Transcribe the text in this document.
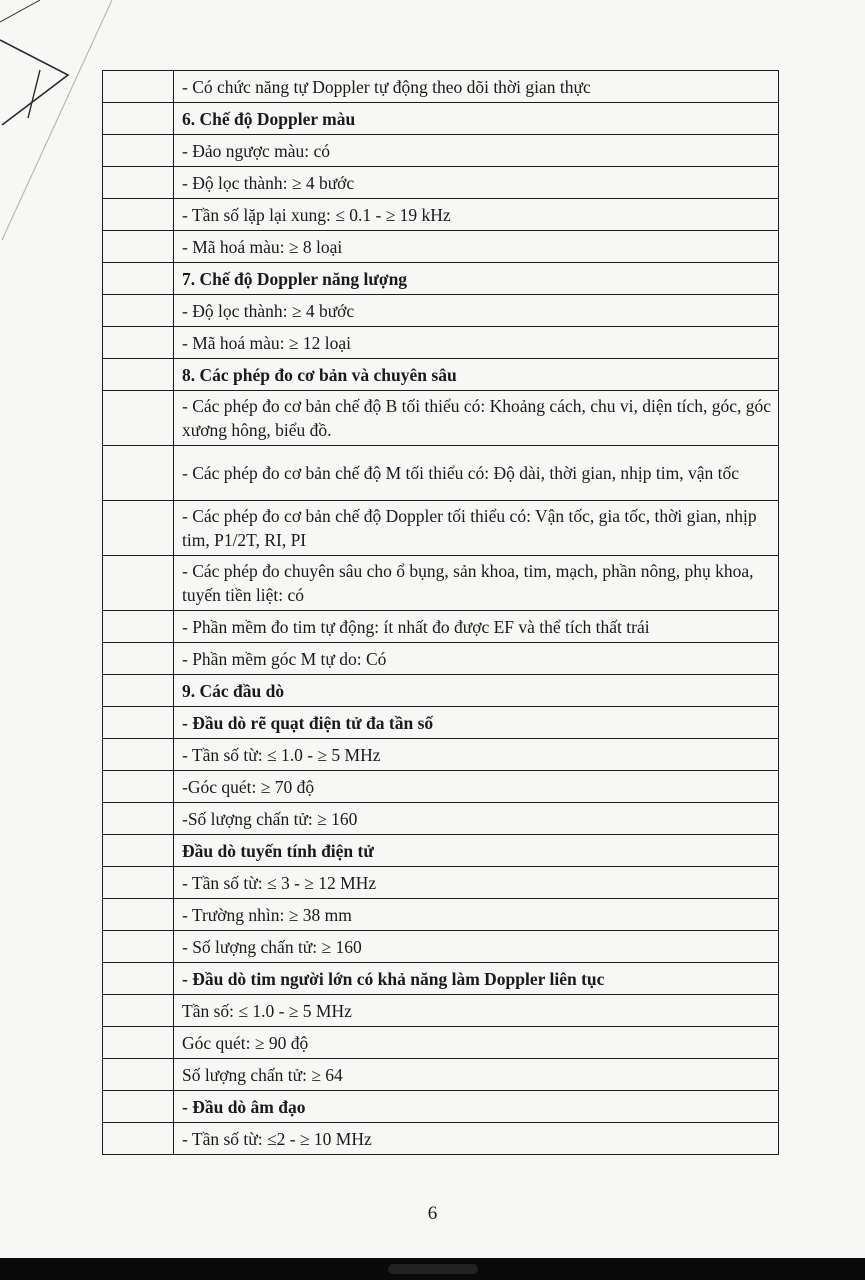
	- Có chức năng tự Doppler tự động theo dõi thời gian thực
	6. Chế độ Doppler màu
	- Đảo ngược màu: có
	- Độ lọc thành: ≥ 4 bước
	- Tần số lặp lại xung: ≤ 0.1 - ≥ 19 kHz
	- Mã hoá màu: ≥ 8 loại
	7. Chế độ Doppler năng lượng
	- Độ lọc thành: ≥ 4 bước
	- Mã hoá màu: ≥ 12 loại
	8. Các phép đo cơ bản và chuyên sâu
	- Các phép đo cơ bản chế độ B tối thiểu có: Khoảng cách, chu vi, diện tích, góc, góc xương hông, biểu đồ.
	- Các phép đo cơ bản chế độ M tối thiểu có: Độ dài, thời gian, nhịp tim, vận tốc
	- Các phép đo cơ bản chế độ Doppler tối thiểu có: Vận tốc, gia tốc, thời gian, nhịp tim, P1/2T, RI, PI
	- Các phép đo chuyên sâu cho ổ bụng, sản khoa, tim, mạch, phần nông, phụ khoa, tuyến tiền liệt: có
	- Phần mềm đo tim tự động: ít nhất đo được EF và thể tích thất trái
	- Phần mềm góc M tự do: Có
	9. Các đầu dò
	- Đầu dò rẽ quạt điện tử đa tần số
	- Tần số từ: ≤ 1.0 - ≥ 5 MHz
	-Góc quét: ≥ 70 độ
	-Số lượng chấn tử: ≥ 160
	Đầu dò tuyến tính điện tử
	- Tần số từ: ≤ 3 - ≥ 12 MHz
	- Trường nhìn: ≥ 38 mm
	- Số lượng chấn tử: ≥ 160
	- Đầu dò tim người lớn có khả năng làm Doppler liên tục
	Tần số: ≤ 1.0 - ≥ 5 MHz
	Góc quét: ≥ 90 độ
	Số lượng chấn tử: ≥ 64
	- Đầu dò âm đạo
	- Tần số từ: ≤2 - ≥ 10 MHz
6
